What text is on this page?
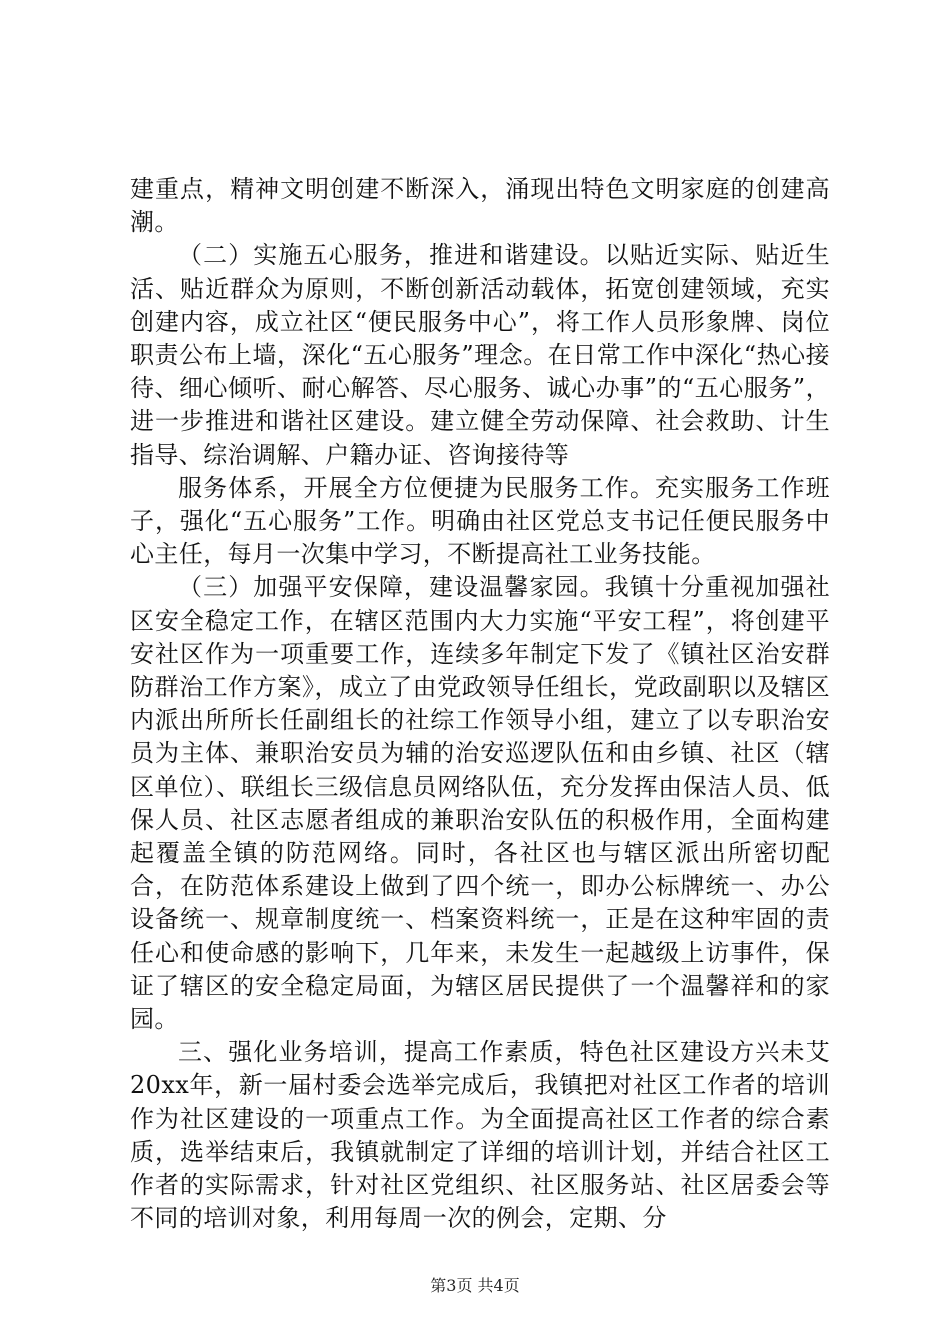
建重点，精神文明创建不断深入，涌现出特色文明家庭的创建高潮。

（二）实施五心服务，推进和谐建设。以贴近实际、贴近生活、贴近群众为原则，不断创新活动载体，拓宽创建领域，充实创建内容，成立社区“便民服务中心”，将工作人员形象牌、岗位职责公布上墙，深化“五心服务”理念。在日常工作中深化“热心接待、细心倾听、耐心解答、尽心服务、诚心办事”的“五心服务”，进一步推进和谐社区建设。建立健全劳动保障、社会救助、计生指导、综治调解、户籍办证、咨询接待等

服务体系，开展全方位便捷为民服务工作。充实服务工作班子，强化“五心服务”工作。明确由社区党总支书记任便民服务中心主任，每月一次集中学习，不断提高社工业务技能。

（三）加强平安保障，建设温馨家园。我镇十分重视加强社区安全稳定工作，在辖区范围内大力实施“平安工程”，将创建平安社区作为一项重要工作，连续多年制定下发了《镇社区治安群防群治工作方案》，成立了由党政领导任组长，党政副职以及辖区内派出所所长任副组长的社综工作领导小组，建立了以专职治安员为主体、兼职治安员为辅的治安巡逻队伍和由乡镇、社区（辖区单位）、联组长三级信息员网络队伍，充分发挥由保洁人员、低保人员、社区志愿者组成的兼职治安队伍的积极作用，全面构建起覆盖全镇的防范网络。同时，各社区也与辖区派出所密切配合，在防范体系建设上做到了四个统一，即办公标牌统一、办公设备统一、规章制度统一、档案资料统一，正是在这种牢固的责任心和使命感的影响下，几年来，未发生一起越级上访事件，保证了辖区的安全稳定局面，为辖区居民提供了一个温馨祥和的家园。

三、强化业务培训，提高工作素质，特色社区建设方兴未艾20xx年，新一届村委会选举完成后，我镇把对社区工作者的培训作为社区建设的一项重点工作。为全面提高社区工作者的综合素质，选举结束后，我镇就制定了详细的培训计划，并结合社区工作者的实际需求，针对社区党组织、社区服务站、社区居委会等不同的培训对象，利用每周一次的例会，定期、分

第3页 共4页
